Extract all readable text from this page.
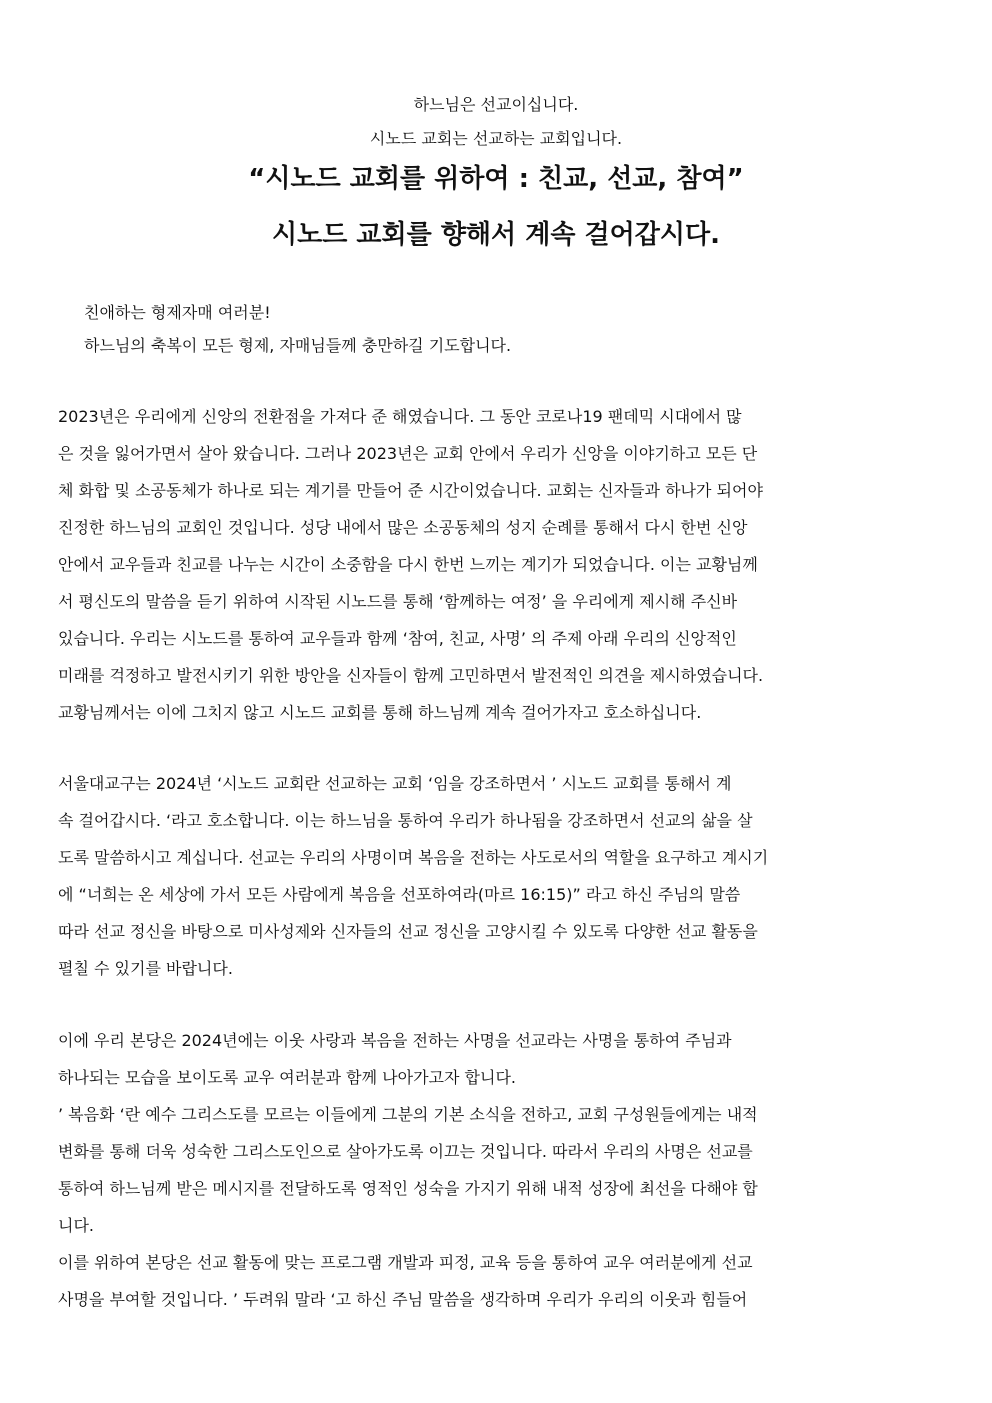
하느님은 선교이십니다.
시노드 교회는 선교하는 교회입니다.
“시노드 교회를 위하여 : 친교, 선교, 참여”
시노드 교회를 향해서 계속 걸어갑시다.
친애하는 형제자매 여러분!
하느님의 축복이 모든 형제, 자매님들께 충만하길 기도합니다.
2023년은 우리에게 신앙의 전환점을 가져다 준 해였습니다. 그 동안 코로나19 팬데믹 시대에서 많
은 것을 잃어가면서 살아 왔습니다. 그러나 2023년은 교회 안에서 우리가 신앙을 이야기하고 모든 단
체 화합 및 소공동체가 하나로 되는 계기를 만들어 준 시간이었습니다. 교회는 신자들과 하나가 되어야
진정한 하느님의 교회인 것입니다. 성당 내에서 많은 소공동체의 성지 순례를 통해서 다시 한번 신앙
안에서 교우들과 친교를 나누는 시간이 소중함을 다시 한번 느끼는 계기가 되었습니다. 이는 교황님께
서 평신도의 말씀을 듣기 위하여 시작된 시노드를 통해 ‘함께하는 여정’ 을 우리에게 제시해 주신바
있습니다. 우리는 시노드를 통하여 교우들과 함께 ‘참여, 친교, 사명’ 의 주제 아래 우리의 신앙적인
미래를 걱정하고 발전시키기 위한 방안을 신자들이 함께 고민하면서 발전적인 의견을 제시하였습니다.
교황님께서는 이에 그치지 않고 시노드 교회를 통해 하느님께 계속 걸어가자고 호소하십니다.
서울대교구는 2024년 ‘시노드 교회란 선교하는 교회 ‘임을 강조하면서 ’ 시노드 교회를 통해서 계
속 걸어갑시다. ‘라고 호소합니다. 이는 하느님을 통하여 우리가 하나됨을 강조하면서 선교의 삶을 살
도록 말씀하시고 계십니다. 선교는 우리의 사명이며 복음을 전하는 사도로서의 역할을 요구하고 계시기
에 “너희는 온 세상에 가서 모든 사람에게 복음을 선포하여라(마르 16:15)” 라고 하신 주님의 말씀
따라 선교 정신을 바탕으로 미사성제와 신자들의 선교 정신을 고양시킬 수 있도록 다양한 선교 활동을
펼칠 수 있기를 바랍니다.
이에 우리 본당은 2024년에는 이웃 사랑과 복음을 전하는 사명을 선교라는 사명을 통하여 주님과
하나되는 모습을 보이도록 교우 여러분과 함께 나아가고자 합니다.
’ 복음화 ‘란 예수 그리스도를 모르는 이들에게 그분의 기본 소식을 전하고, 교회 구성원들에게는 내적
변화를 통해 더욱 성숙한 그리스도인으로 살아가도록 이끄는 것입니다. 따라서 우리의 사명은 선교를
통하여 하느님께 받은 메시지를 전달하도록 영적인 성숙을 가지기 위해 내적 성장에 최선을 다해야 합
니다.
이를 위하여 본당은 선교 활동에 맞는 프로그램 개발과 피정, 교육 등을 통하여 교우 여러분에게 선교
사명을 부여할 것입니다. ’ 두려워 말라 ‘고 하신 주님 말씀을 생각하며 우리가 우리의 이웃과 힘들어
